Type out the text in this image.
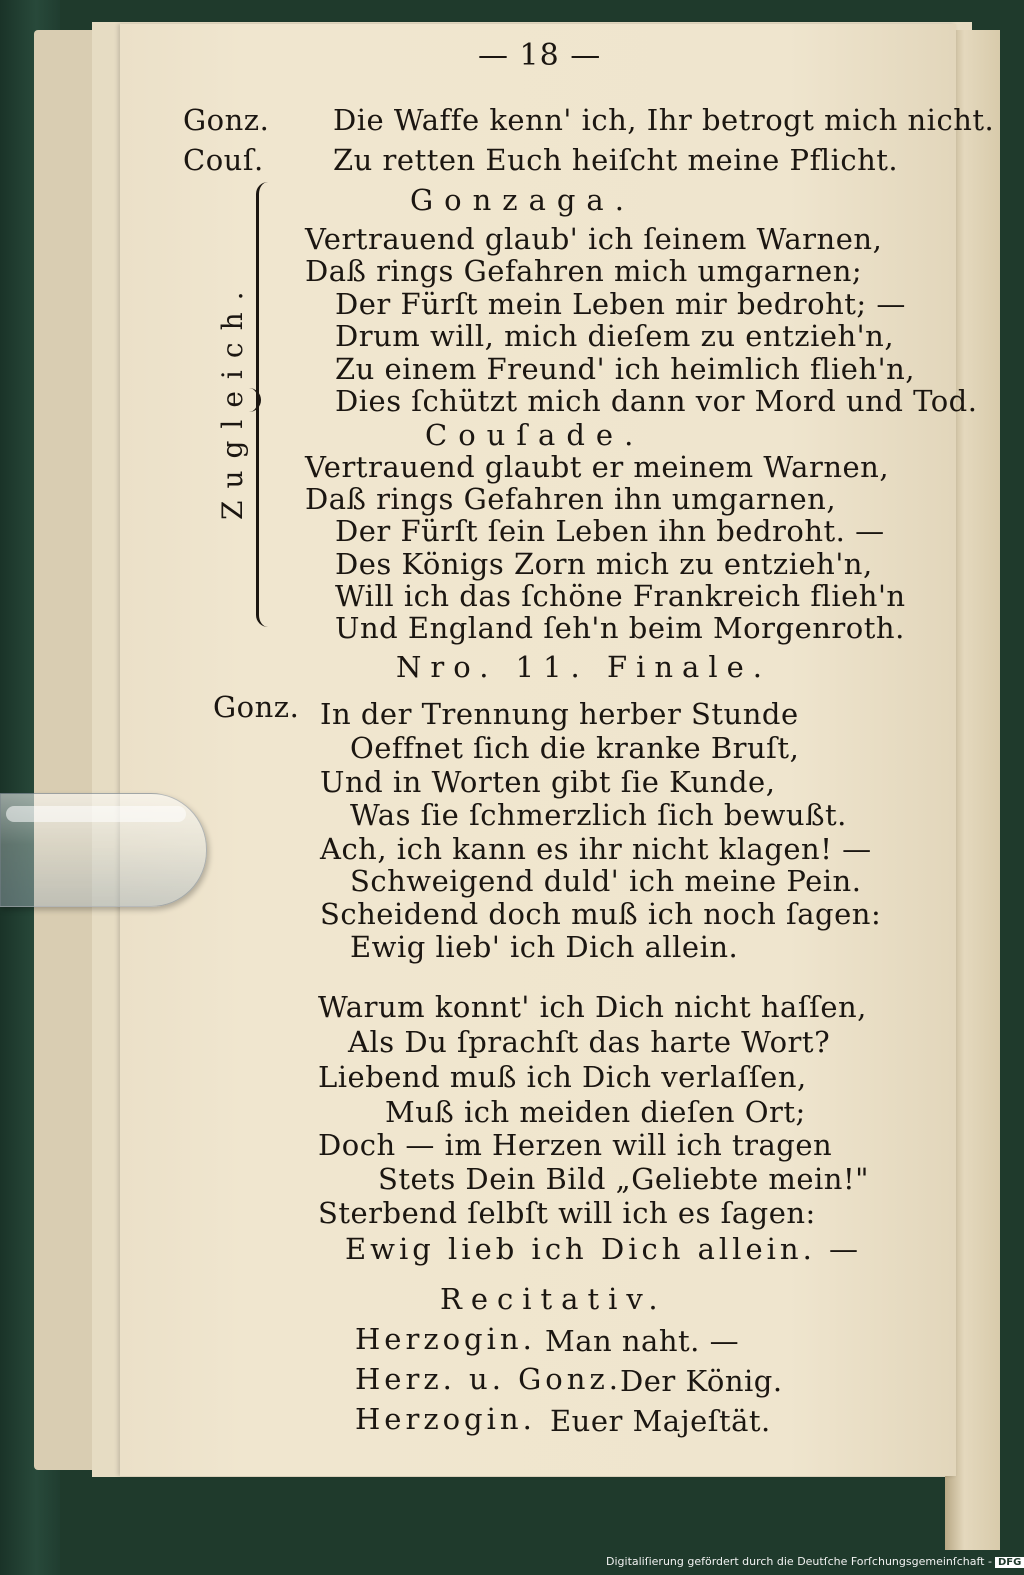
— 18 —
Gonz. Die Waffe kenn' ich, Ihr betrogt mich nicht.
Couſ. Zu retten Euch heiſcht meine Pflicht.
Zugleich.
Gonzaga.
Vertrauend glaub' ich ſeinem Warnen,
Daß rings Gefahren mich umgarnen;
Der Fürſt mein Leben mir bedroht; —
Drum will, mich dieſem zu entzieh'n,
Zu einem Freund' ich heimlich flieh'n,
Dies ſchützt mich dann vor Mord und Tod.
Couſade.
Vertrauend glaubt er meinem Warnen,
Daß rings Gefahren ihn umgarnen,
Der Fürſt ſein Leben ihn bedroht. —
Des Königs Zorn mich zu entzieh'n,
Will ich das ſchöne Frankreich flieh'n
Und England ſeh'n beim Morgenroth.
Nro. 11. Finale.
Gonz. In der Trennung herber Stunde
Oeffnet ſich die kranke Bruſt,
Und in Worten gibt ſie Kunde,
Was ſie ſchmerzlich ſich bewußt.
Ach, ich kann es ihr nicht klagen! —
Schweigend duld' ich meine Pein.
Scheidend doch muß ich noch ſagen:
Ewig lieb' ich Dich allein.
Warum konnt' ich Dich nicht haſſen,
Als Du ſprachſt das harte Wort?
Liebend muß ich Dich verlaſſen,
Muß ich meiden dieſen Ort;
Doch — im Herzen will ich tragen
Stets Dein Bild „Geliebte mein!"
Sterbend ſelbſt will ich es ſagen:
Ewig lieb ich Dich allein. —
Recitativ.
Herzogin. Man naht. —
Herz. u. Gonz.
Der König.
Herzogin. Euer Majeſtät.
Digitaliſierung gefördert durch die Deutſche Forſchungsgemeinſchaft - DFG
